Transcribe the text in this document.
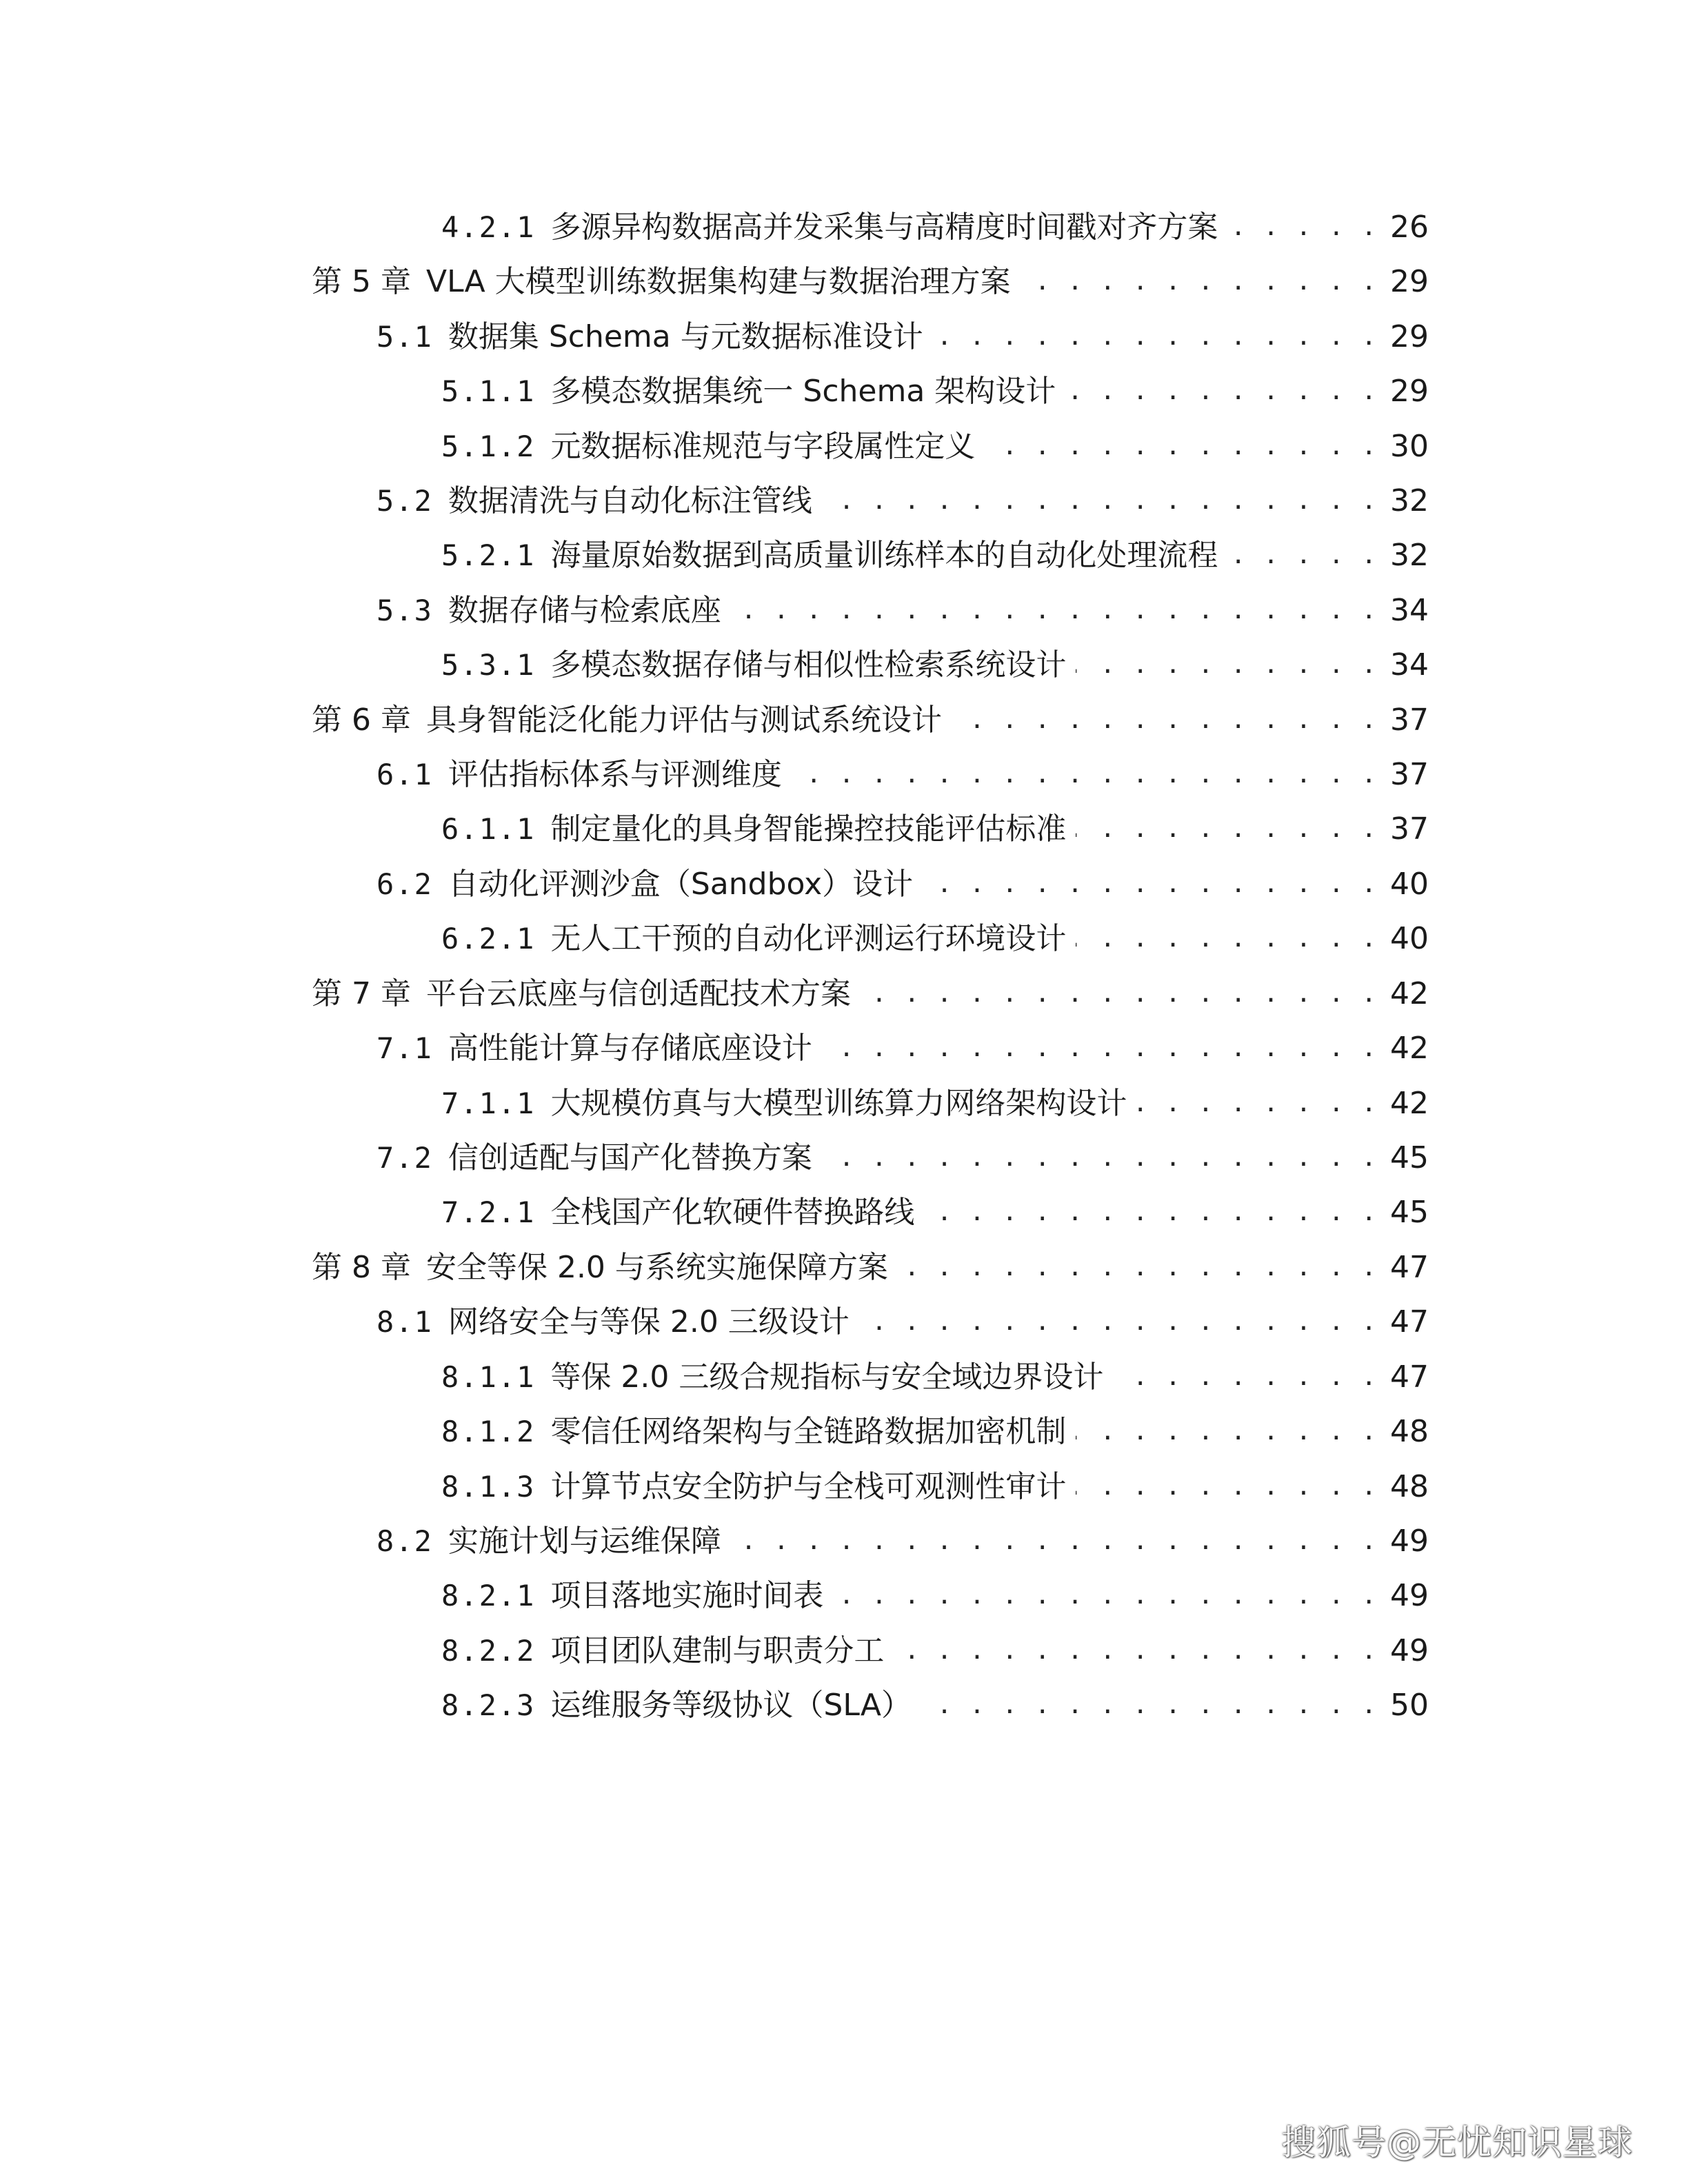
4.2.1 多源异构数据高并发采集与高精度时间戳对齐方案 . . .	26
第 5 章 VLA 大模型训练数据集构建与数据治理方案 . . .	29
5.1 数据集 Schema 与元数据标准设计 . . .	29
5.1.1 多模态数据集统一 Schema 架构设计 . . .	29
5.1.2 元数据标准规范与字段属性定义 . . .	30
5.2 数据清洗与自动化标注管线 . . .	32
5.2.1 海量原始数据到高质量训练样本的自动化处理流程 . . .	32
5.3 数据存储与检索底座 . . .	34
5.3.1 多模态数据存储与相似性检索系统设计 . . .	34
第 6 章 具身智能泛化能力评估与测试系统设计 . . .	37
6.1 评估指标体系与评测维度 . . .	37
6.1.1 制定量化的具身智能操控技能评估标准 . . .	37
6.2 自动化评测沙盒（Sandbox）设计 . . .	40
6.2.1 无人工干预的自动化评测运行环境设计 . . .	40
第 7 章 平台云底座与信创适配技术方案 . . .	42
7.1 高性能计算与存储底座设计 . . .	42
7.1.1 大规模仿真与大模型训练算力网络架构设计 . . .	42
7.2 信创适配与国产化替换方案 . . .	45
7.2.1 全栈国产化软硬件替换路线 . . .	45
第 8 章 安全等保 2.0 与系统实施保障方案 . . .	47
8.1 网络安全与等保 2.0 三级设计 . . .	47
8.1.1 等保 2.0 三级合规指标与安全域边界设计 . . .	47
8.1.2 零信任网络架构与全链路数据加密机制 . . .	48
8.1.3 计算节点安全防护与全栈可观测性审计 . . .	48
8.2 实施计划与运维保障 . . .	49
8.2.1 项目落地实施时间表 . . .	49
8.2.2 项目团队建制与职责分工 . . .	49
8.2.3 运维服务等级协议（SLA） . . .	50
搜狐号@无忧知识星球
